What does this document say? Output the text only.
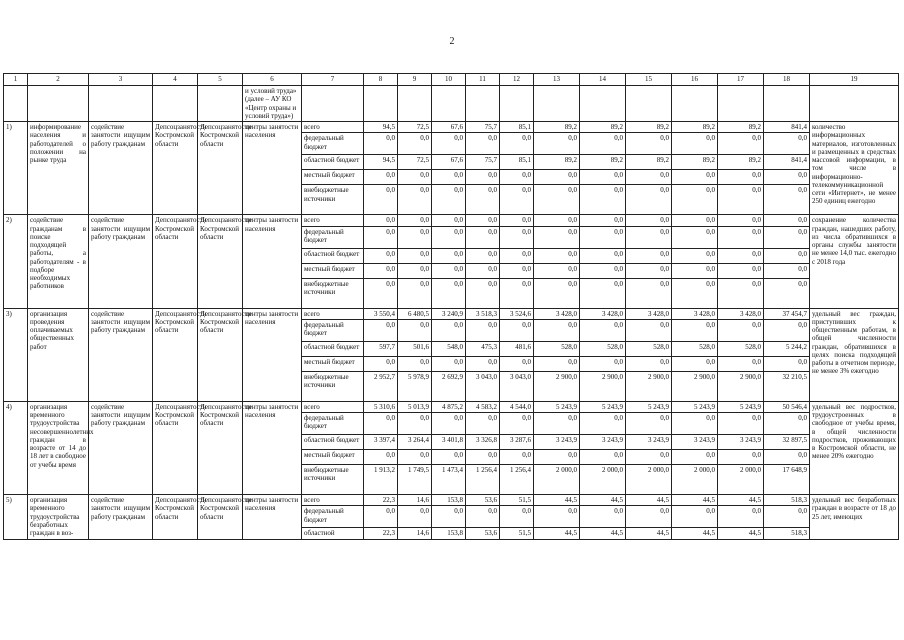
2
1	2	3	4	5	6	7	8	9	10	11	12	13	14	15	16	17	18	19
					и условий труда» (далее – АУ КО «Центр охраны и условий труда»)													
1)	информирование населения и работодателей о положении на рынке труда	содействие занятости ищущим работу гражданам	Депсоцзанятости Костромской области	Депсоцзанятости Костромской области	центры занятости населения	всего	94,5	72,5	67,6	75,7	85,1	89,2	89,2	89,2	89,2	89,2	841,4	количество информационных материалов, изготовленных и размещенных в средствах массовой информации, в том числе в информационно-телекоммуникационной сети «Интернет», не менее 250 единиц ежегодно
						федеральный бюджет	0,0	0,0	0,0	0,0	0,0	0,0	0,0	0,0	0,0	0,0	0,0	
						областной бюджет	94,5	72,5	67,6	75,7	85,1	89,2	89,2	89,2	89,2	89,2	841,4	
						местный бюджет	0,0	0,0	0,0	0,0	0,0	0,0	0,0	0,0	0,0	0,0	0,0	
						внебюджетные источники	0,0	0,0	0,0	0,0	0,0	0,0	0,0	0,0	0,0	0,0	0,0	
2)	содействие гражданам в поиске подходящей работы, а работодателям - в подборе необходимых работников	содействие занятости ищущим работу гражданам	Депсоцзанятости Костромской области	Депсоцзанятости Костромской области	центры занятости населения	всего	0,0	0,0	0,0	0,0	0,0	0,0	0,0	0,0	0,0	0,0	0,0	сохранение количества граждан, нашедших работу, из числа обратившихся в органы службы занятости не менее 14,0 тыс. ежегодно с 2018 года
						федеральный бюджет	0,0	0,0	0,0	0,0	0,0	0,0	0,0	0,0	0,0	0,0	0,0	
						областной бюджет	0,0	0,0	0,0	0,0	0,0	0,0	0,0	0,0	0,0	0,0	0,0	
						местный бюджет	0,0	0,0	0,0	0,0	0,0	0,0	0,0	0,0	0,0	0,0	0,0	
						внебюджетные источники	0,0	0,0	0,0	0,0	0,0	0,0	0,0	0,0	0,0	0,0	0,0	
3)	организация проведения оплачиваемых общественных работ	содействие занятости ищущим работу гражданам	Депсоцзанятости Костромской области	Депсоцзанятости Костромской области	центры занятости населения	всего	3 550,4	6 480,5	3 240,9	3 518,3	3 524,6	3 428,0	3 428,0	3 428,0	3 428,0	3 428,0	37 454,7	удельный вес граждан, приступивших к общественным работам, в общей численности граждан, обратившихся в целях поиска подходящей работы в отчетном периоде, не менее 3% ежегодно
						федеральный бюджет	0,0	0,0	0,0	0,0	0,0	0,0	0,0	0,0	0,0	0,0	0,0	
						областной бюджет	597,7	501,6	548,0	475,3	481,6	528,0	528,0	528,0	528,0	528,0	5 244,2	
						местный бюджет	0,0	0,0	0,0	0,0	0,0	0,0	0,0	0,0	0,0	0,0	0,0	
						внебюджетные источники	2 952,7	5 978,9	2 692,9	3 043,0	3 043,0	2 900,0	2 900,0	2 900,0	2 900,0	2 900,0	32 210,5	
4)	организация временного трудоустройства несовершеннолетних граждан в возрасте от 14 до 18 лет в свободное от учебы время	содействие занятости ищущим работу гражданам	Депсоцзанятости Костромской области	Депсоцзанятости Костромской области	центры занятости населения	всего	5 310,6	5 013,9	4 875,2	4 583,2	4 544,0	5 243,9	5 243,9	5 243,9	5 243,9	5 243,9	50 546,4	удельный вес подростков, трудоустроенных в свободное от учебы время, в общей численности подростков, проживающих в Костромской области, не менее 20% ежегодно
						федеральный бюджет	0,0	0,0	0,0	0,0	0,0	0,0	0,0	0,0	0,0	0,0	0,0	
						областной бюджет	3 397,4	3 264,4	3 401,8	3 326,8	3 287,6	3 243,9	3 243,9	3 243,9	3 243,9	3 243,9	32 897,5	
						местный бюджет	0,0	0,0	0,0	0,0	0,0	0,0	0,0	0,0	0,0	0,0	0,0	
						внебюджетные источники	1 913,2	1 749,5	1 473,4	1 256,4	1 256,4	2 000,0	2 000,0	2 000,0	2 000,0	2 000,0	17 648,9	
5)	организация временного трудоустройства безработных граждан в воз-	содействие занятости ищущим работу гражданам	Депсоцзанятости Костромской области	Депсоцзанятости Костромской области	центры занятости населения	всего	22,3	14,6	153,8	53,6	51,5	44,5	44,5	44,5	44,5	44,5	518,3	удельный вес безработных граждан в возрасте от 18 до 25 лет, имеющих
						федеральный бюджет	0,0	0,0	0,0	0,0	0,0	0,0	0,0	0,0	0,0	0,0	0,0	
						областной	22,3	14,6	153,8	53,6	51,5	44,5	44,5	44,5	44,5	44,5	518,3	
